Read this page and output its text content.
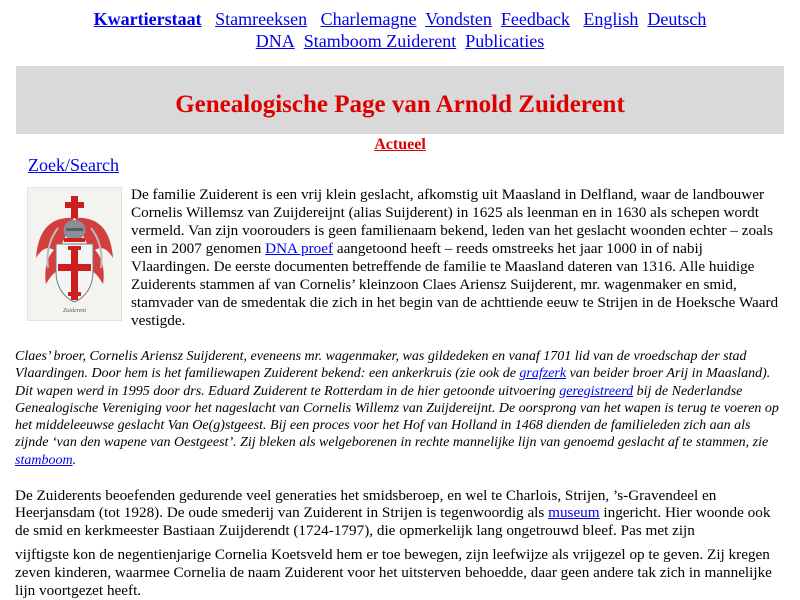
Kwartierstaat Stamreeksen Charlemagne Vondsten Feedback English Deutsch
DNA Stamboom Zuiderent Publicaties
Genealogische Page van Arnold Zuiderent
Actueel
Zoek/Search
Zuiderent

De familie Zuiderent is een vrij klein geslacht, afkomstig uit Maasland in Delfland, waar de landbouwer Cornelis Willemsz van Zuijdereijnt (alias Suijderent) in 1625 als leenman en in 1630 als schepen wordt vermeld. Van zijn voorouders is geen familienaam bekend, leden van het geslacht woonden echter – zoals een in 2007 genomen DNA proef aangetoond heeft – reeds omstreeks het jaar 1000 in of nabij Vlaardingen. De eerste documenten betreffende de familie te Maasland dateren van 1316. Alle huidige Zuiderents stammen af van Cornelis’ kleinzoon Claes Ariensz Suijderent, mr. wagenmaker en smid, stamvader van de smedentak die zich in het begin van de achttiende eeuw te Strijen in de Hoeksche Waard vestigde.

Claes’ broer, Cornelis Ariensz Suijderent, eveneens mr. wagenmaker, was gildedeken en vanaf 1701 lid van de vroedschap der stad Vlaardingen. Door hem is het familiewapen Zuiderent bekend: een ankerkruis (zie ook de grafzerk van beider broer Arij in Maasland). Dit wapen werd in 1995 door drs. Eduard Zuiderent te Rotterdam in de hier getoonde uitvoering geregistreerd bij de Nederlandse Genealogische Vereniging voor het nageslacht van Cornelis Willemz van Zuijdereijnt. De oorsprong van het wapen is terug te voeren op het middeleeuwse geslacht Van Oe(g)stgeest. Bij een proces voor het Hof van Holland in 1468 dienden de familieleden zich aan als zijnde ‘van den wapene van Oestgeest’. Zij bleken als welgeborenen in rechte mannelijke lijn van genoemd geslacht af te stammen, zie stamboom.

De Zuiderents beoefenden gedurende veel generaties het smidsberoep, en wel te Charlois, Strijen, ’s-Gravendeel en Heerjansdam (tot 1928). De oude smederij van Zuiderent in Strijen is tegenwoordig als museum ingericht. Hier woonde ook de smid en kerkmeester Bastiaan Zuijderendt (1724-1797), die opmerkelijk lang ongetrouwd bleef. Pas met zijn

vijftigste kon de negentienjarige Cornelia Koetsveld hem er toe bewegen, zijn leefwijze als vrijgezel op te geven. Zij kregen zeven kinderen, waarmee Cornelia de naam Zuiderent voor het uitsterven behoedde, daar geen andere tak zich in mannelijke lijn voortgezet heeft.
